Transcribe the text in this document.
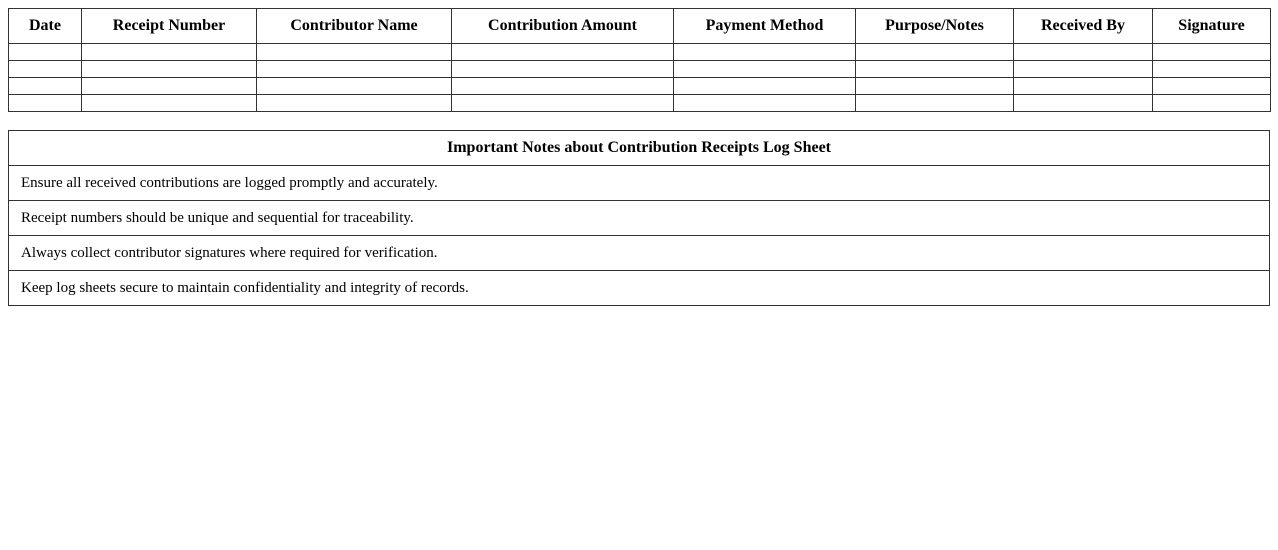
Date	Receipt Number	Contributor Name	Contribution Amount	Payment Method	Purpose/Notes	Received By	Signature

Important Notes about Contribution Receipts Log Sheet
Ensure all received contributions are logged promptly and accurately.
Receipt numbers should be unique and sequential for traceability.
Always collect contributor signatures where required for verification.
Keep log sheets secure to maintain confidentiality and integrity of records.
